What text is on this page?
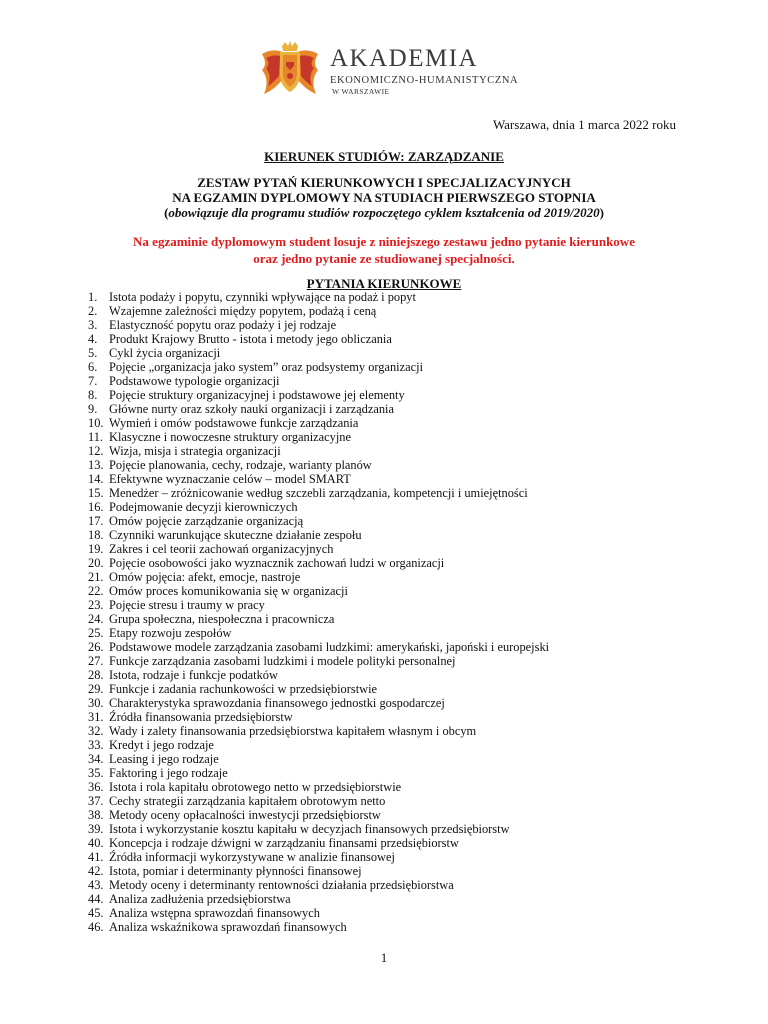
AKADEMIA
EKONOMICZNO-HUMANISTYCZNA
W WARSZAWIE
Warszawa, dnia 1 marca 2022 roku
KIERUNEK STUDIÓW: ZARZĄDZANIE
ZESTAW PYTAŃ KIERUNKOWYCH I SPECJALIZACYJNYCH
NA EGZAMIN DYPLOMOWY NA STUDIACH PIERWSZEGO STOPNIA
(obowiązuje dla programu studiów rozpoczętego cyklem kształcenia od 2019/2020)
Na egzaminie dyplomowym student losuje z niniejszego zestawu jedno pytanie kierunkowe
oraz jedno pytanie ze studiowanej specjalności.
PYTANIA KIERUNKOWE
1. Istota podaży i popytu, czynniki wpływające na podaż i popyt
2. Wzajemne zależności między popytem, podażą i ceną
3. Elastyczność popytu oraz podaży i jej rodzaje
4. Produkt Krajowy Brutto - istota i metody jego obliczania
5. Cykl życia organizacji
6. Pojęcie „organizacja jako system” oraz podsystemy organizacji
7. Podstawowe typologie organizacji
8. Pojęcie struktury organizacyjnej i podstawowe jej elementy
9. Główne nurty oraz szkoły nauki organizacji i zarządzania
10. Wymień i omów podstawowe funkcje zarządzania
11. Klasyczne i nowoczesne struktury organizacyjne
12. Wizja, misja i strategia organizacji
13. Pojęcie planowania, cechy, rodzaje, warianty planów
14. Efektywne wyznaczanie celów – model SMART
15. Menedżer – zróżnicowanie według szczebli zarządzania, kompetencji i umiejętności
16. Podejmowanie decyzji kierowniczych
17. Omów pojęcie zarządzanie organizacją
18. Czynniki warunkujące skuteczne działanie zespołu
19. Zakres i cel teorii zachowań organizacyjnych
20. Pojęcie osobowości jako wyznacznik zachowań ludzi w organizacji
21. Omów pojęcia: afekt, emocje, nastroje
22. Omów proces komunikowania się w organizacji
23. Pojęcie stresu i traumy w pracy
24. Grupa społeczna, niespołeczna i pracownicza
25. Etapy rozwoju zespołów
26. Podstawowe modele zarządzania zasobami ludzkimi: amerykański, japoński i europejski
27. Funkcje zarządzania zasobami ludzkimi i modele polityki personalnej
28. Istota, rodzaje i funkcje podatków
29. Funkcje i zadania rachunkowości w przedsiębiorstwie
30. Charakterystyka sprawozdania finansowego jednostki gospodarczej
31. Źródła finansowania przedsiębiorstw
32. Wady i zalety finansowania przedsiębiorstwa kapitałem własnym i obcym
33. Kredyt i jego rodzaje
34. Leasing i jego rodzaje
35. Faktoring i jego rodzaje
36. Istota i rola kapitału obrotowego netto w przedsiębiorstwie
37. Cechy strategii zarządzania kapitałem obrotowym netto
38. Metody oceny opłacalności inwestycji przedsiębiorstw
39. Istota i wykorzystanie kosztu kapitału w decyzjach finansowych przedsiębiorstw
40. Koncepcja i rodzaje dźwigni w zarządzaniu finansami przedsiębiorstw
41. Źródła informacji wykorzystywane w analizie finansowej
42. Istota, pomiar i determinanty płynności finansowej
43. Metody oceny i determinanty rentowności działania przedsiębiorstwa
44. Analiza zadłużenia przedsiębiorstwa
45. Analiza wstępna sprawozdań finansowych
46. Analiza wskaźnikowa sprawozdań finansowych
1
